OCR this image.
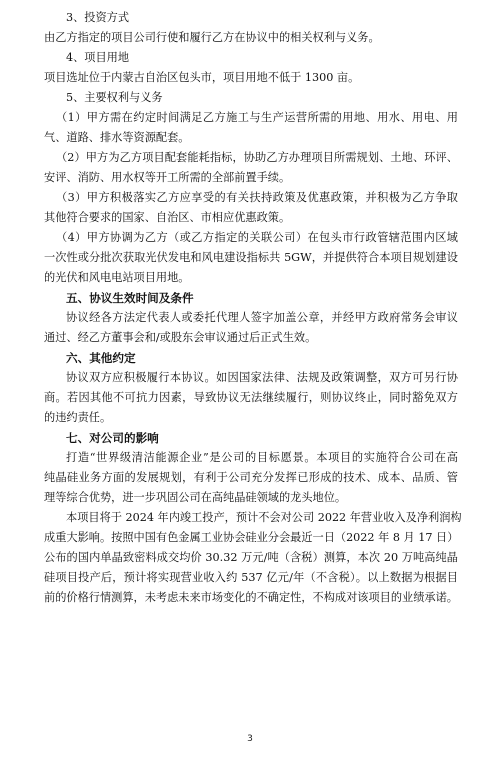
3、投资方式

由乙方指定的项目公司行使和履行乙方在协议中的相关权利与义务。

4、项目用地

项目选址位于内蒙古自治区包头市，项目用地不低于 1300 亩。

5、主要权利与义务

（1）甲方需在约定时间满足乙方施工与生产运营所需的用地、用水、用电、用

气、道路、排水等资源配套。

（2）甲方为乙方项目配套能耗指标，协助乙方办理项目所需规划、土地、环评、

安评、消防、用水权等开工所需的全部前置手续。

（3）甲方积极落实乙方应享受的有关扶持政策及优惠政策，并积极为乙方争取

其他符合要求的国家、自治区、市相应优惠政策。

（4）甲方协调为乙方（或乙方指定的关联公司）在包头市行政管辖范围内区域

一次性或分批次获取光伏发电和风电建设指标共 5GW，并提供符合本项目规划建设

的光伏和风电电站项目用地。

五、协议生效时间及条件

协议经各方法定代表人或委托代理人签字加盖公章，并经甲方政府常务会审议

通过、经乙方董事会和/或股东会审议通过后正式生效。

六、其他约定

协议双方应积极履行本协议。如因国家法律、法规及政策调整，双方可另行协

商。若因其他不可抗力因素，导致协议无法继续履行，则协议终止，同时豁免双方

的违约责任。

七、对公司的影响

打造“世界级清洁能源企业”是公司的目标愿景。本项目的实施符合公司在高

纯晶硅业务方面的发展规划，有利于公司充分发挥已形成的技术、成本、品质、管

理等综合优势，进一步巩固公司在高纯晶硅领域的龙头地位。

本项目将于 2024 年内竣工投产，预计不会对公司 2022 年营业收入及净利润构

成重大影响。按照中国有色金属工业协会硅业分会最近一日（2022 年 8 月 17 日）

公布的国内单晶致密料成交均价 30.32 万元/吨（含税）测算，本次 20 万吨高纯晶

硅项目投产后，预计将实现营业收入约 537 亿元/年（不含税）。以上数据为根据目

前的价格行情测算，未考虑未来市场变化的不确定性，不构成对该项目的业绩承诺。

3
